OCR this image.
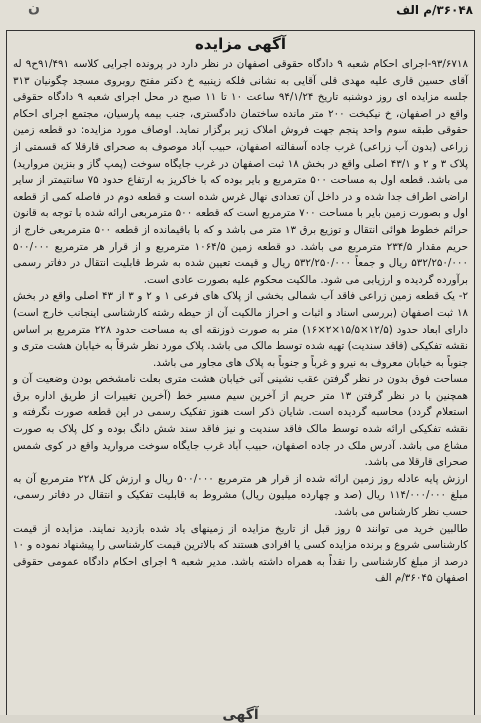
۳۶۰۴۸/م الف
ن
آگهی مزایده

۹۳/۶۷۱۸-اجرای احکام شعبه ۹ دادگاه حقوقی اصفهان در نظر دارد در پرونده اجرایی کلاسه ۹۱/۴۹۱ح۹ له آقای حسین قاری علیه مهدی قلی آقایی به نشانی فلکه زینبیه خ دکتر مفتح روبروی مسجد چگونیان ۳۱۳ جلسه مزایده ای روز دوشنبه تاریخ ۹۴/۱/۲۴ ساعت ۱۰ تا ۱۱ صبح در محل اجرای شعبه ۹ دادگاه حقوقی واقع در اصفهان، خ نیکبخت ۲۰۰ متر مانده ساختمان دادگستری، جنب بیمه پارسیان، مجتمع اجرای احکام حقوقی طبقه سوم واحد پنجم جهت فروش املاک زیر برگزار نماید. اوصاف مورد مزایده: دو قطعه زمین زراعی (بدون آب زراعی) غرب جاده آسفالته اصفهان، حبیب آباد موصوف به صحرای قارقلا که قسمتی از پلاک ۳ و ۲ و ۴۳/۱ اصلی واقع در بخش ۱۸ ثبت اصفهان در غرب جایگاه سوخت (پمپ گاز و بنزین مروارید) می باشد. قطعه اول به مساحت ۵۰۰ مترمربع و بایر بوده که با خاکریز به ارتفاع حدود ۷۵ سانتیمتر از سایر اراضی اطراف جدا شده و در داخل آن تعدادی نهال غرس شده است و قطعه دوم در فاصله کمی از قطعه اول و بصورت زمین بایر با مساحت ۷۰۰ مترمربع است که قطعه ۵۰۰ مترمربعی ارائه شده با توجه به قانون حرائم خطوط هوائی انتقال و توزیع برق ۱۳ متر می باشد و که با باقیمانده از قطعه ۵۰۰ مترمربعی خارج از حریم مقدار ۲۳۴/۵ مترمربع می باشد. دو قطعه زمین ۱۰۶۴/۵ مترمربع و از قرار هر مترمربع ۵۰۰/۰۰۰ ۵۳۲/۲۵۰/۰۰۰ ریال و جمعاً ۵۳۲/۲۵۰/۰۰۰ ریال و قیمت تعیین شده به شرط قابلیت انتقال در دفاتر رسمی برآورده گردیده و ارزیابی می شود. مالکیت محکوم علیه بصورت عادی است.

۲- یک قطعه زمین زراعی فاقد آب شمالی بخشی از پلاک های فرعی ۱ و ۲ و ۳ از ۴۳ اصلی واقع در بخش ۱۸ ثبت اصفهان (بررسی اسناد و اثبات و احراز مالکیت آن از حیطه رشته کارشناسی اینجانب خارج است) دارای ابعاد حدود (۱۲/۵×۱۵/۵×۲×۱۶) متر به صورت ذوزنقه ای به مساحت حدود ۲۲۸ مترمربع بر اساس نقشه تفکیکی (فاقد سندیت) تهیه شده توسط مالک می باشد. پلاک مورد نظر شرقاً به خیابان هشت متری و جنوباً به خیابان معروف به نیرو و غرباً و جنوباً به پلاک های مجاور می باشد.

مساحت فوق بدون در نظر گرفتن عقب نشینی آتی خیابان هشت متری بعلت نامشخص بودن وضعیت آن و همچنین با در نظر گرفتن ۱۳ متر حریم از آخرین سیم مسیر خط (آخرین تغییرات از طریق اداره برق استعلام گردد) محاسبه گردیده است. شایان ذکر است هنوز تفکیک رسمی در این قطعه صورت نگرفته و نقشه تفکیکی ارائه شده توسط مالک فاقد سندیت و نیز فاقد سند شش دانگ بوده و کل پلاک به صورت مشاع می باشد. آدرس ملک در جاده اصفهان، حبیب آباد غرب جایگاه سوخت مروارید واقع در کوی شمس صحرای قارقلا می باشد.

ارزش پایه عادله روز زمین ارائه شده از قرار هر مترمربع ۵۰۰/۰۰۰ ریال و ارزش کل ۲۲۸ مترمربع آن به مبلغ ۱۱۴/۰۰۰/۰۰۰ ریال (صد و چهارده میلیون ریال) مشروط به قابلیت تفکیک و انتقال در دفاتر رسمی، حسب نظر کارشناس می باشد.

طالبین خرید می توانند ۵ روز قبل از تاریخ مزایده از زمینهای یاد شده بازدید نمایند. مزایده از قیمت کارشناسی شروع و برنده مزایده کسی یا افرادی هستند که بالاترین قیمت کارشناسی را پیشنهاد نموده و ۱۰ درصد از مبلغ کارشناسی را نقداً به همراه داشته باشد. مدیر شعبه ۹ اجرای احکام دادگاه عمومی حقوقی اصفهان ۳۶۰۴۵/م الف

آگهی
